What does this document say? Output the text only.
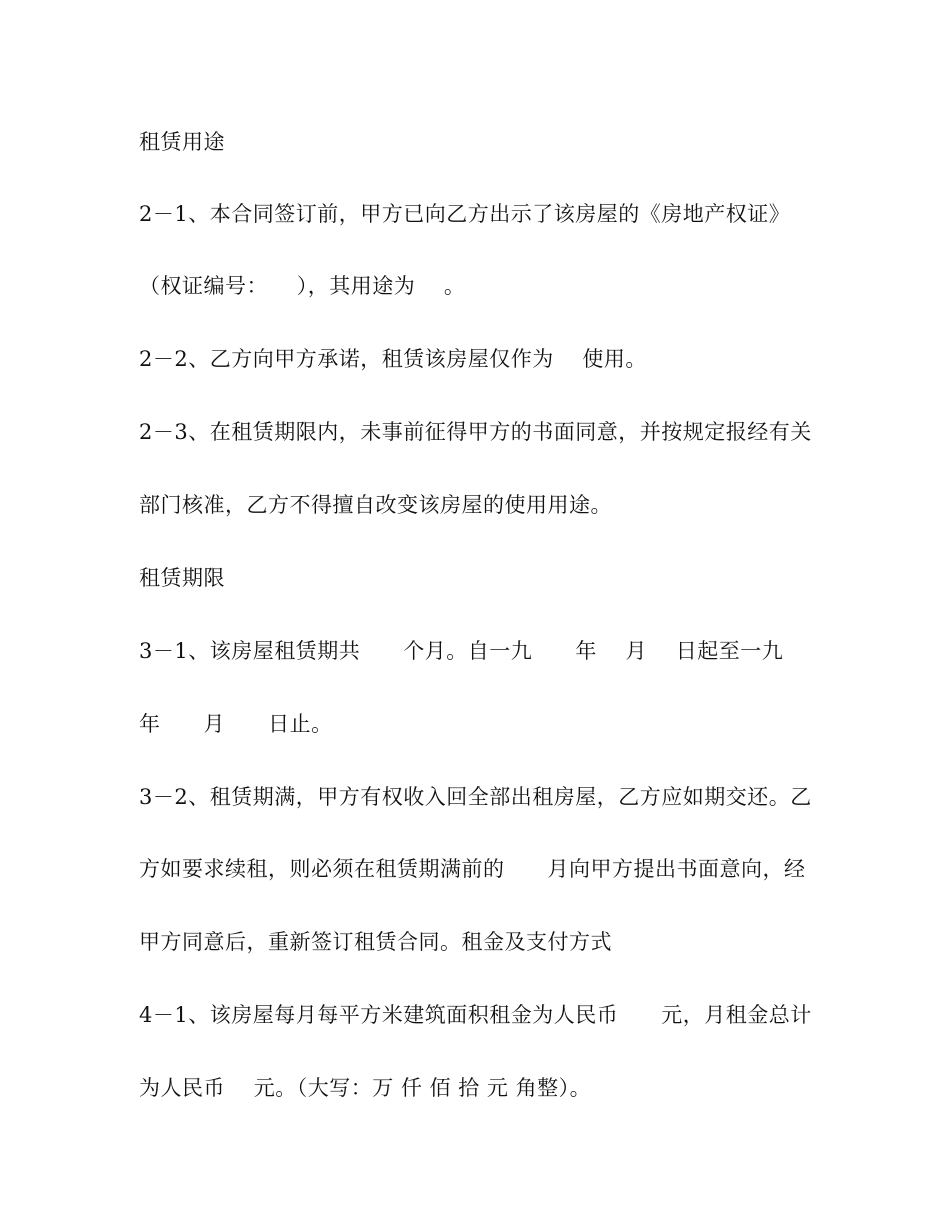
租赁用途

2－1、本合同签订前，甲方已向乙方出示了该房屋的《房地产权证》

（权证编号：    ），其用途为    。

2－2、乙方向甲方承诺，租赁该房屋仅作为    使用。

2－3、在租赁期限内，未事前征得甲方的书面同意，并按规定报经有关

部门核准，乙方不得擅自改变该房屋的使用用途。

租赁期限

3－1、该房屋租赁期共      个月。自一九      年    月    日起至一九

年      月      日止。

3－2、租赁期满，甲方有权收入回全部出租房屋，乙方应如期交还。乙

方如要求续租，则必须在租赁期满前的      月向甲方提出书面意向，经

甲方同意后，重新签订租赁合同。租金及支付方式

4－1、该房屋每月每平方米建筑面积租金为人民币      元，月租金总计

为人民币    元。（大写：万 仟 佰 拾 元 角整）。
